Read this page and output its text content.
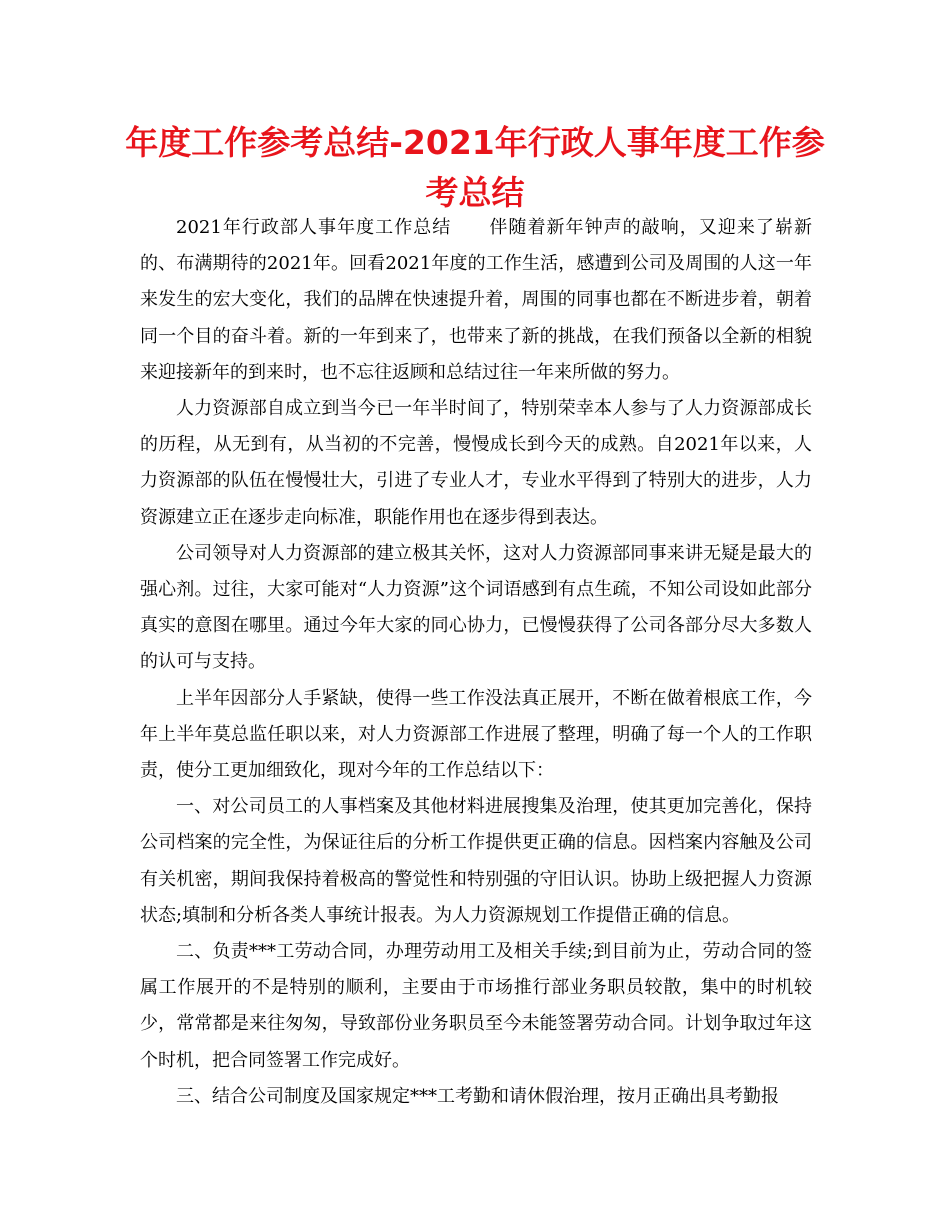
年度工作参考总结-2021年行政人事年度工作参考总结

2021年行政部人事年度工作总结　　伴随着新年钟声的敲响，又迎来了崭新的、布满期待的2021年。回看2021年度的工作生活，感遭到公司及周围的人这一年来发生的宏大变化，我们的品牌在快速提升着，周围的同事也都在不断进步着，朝着同一个目的奋斗着。新的一年到来了，也带来了新的挑战，在我们预备以全新的相貌来迎接新年的到来时，也不忘往返顾和总结过往一年来所做的努力。

人力资源部自成立到当今已一年半时间了，特别荣幸本人参与了人力资源部成长的历程，从无到有，从当初的不完善，慢慢成长到今天的成熟。自2021年以来，人力资源部的队伍在慢慢壮大，引进了专业人才，专业水平得到了特别大的进步，人力资源建立正在逐步走向标准，职能作用也在逐步得到表达。

公司领导对人力资源部的建立极其关怀，这对人力资源部同事来讲无疑是最大的强心剂。过往，大家可能对“人力资源”这个词语感到有点生疏，不知公司设如此部分真实的意图在哪里。通过今年大家的同心协力，已慢慢获得了公司各部分尽大多数人的认可与支持。

上半年因部分人手紧缺，使得一些工作没法真正展开，不断在做着根底工作，今年上半年莫总监任职以来，对人力资源部工作进展了整理，明确了每一个人的工作职责，使分工更加细致化，现对今年的工作总结以下：

一、对公司员工的人事档案及其他材料进展搜集及治理，使其更加完善化，保持公司档案的完全性，为保证往后的分析工作提供更正确的信息。因档案内容触及公司有关机密，期间我保持着极高的警觉性和特别强的守旧认识。协助上级把握人力资源状态;填制和分析各类人事统计报表。为人力资源规划工作提借正确的信息。

二、负责***工劳动合同，办理劳动用工及相关手续;到目前为止，劳动合同的签属工作展开的不是特别的顺利，主要由于市场推行部业务职员较散，集中的时机较少，常常都是来往匆匆，导致部份业务职员至今未能签署劳动合同。计划争取过年这个时机，把合同签署工作完成好。

三、结合公司制度及国家规定***工考勤和请休假治理，按月正确出具考勤报
